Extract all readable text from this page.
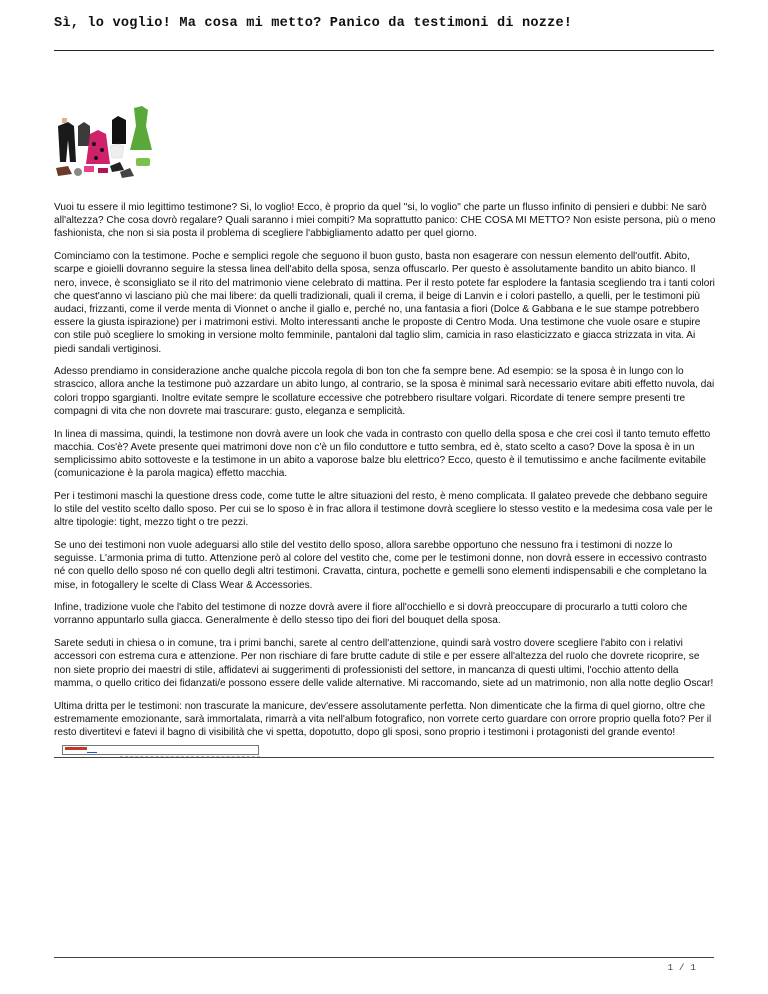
Sì, lo voglio! Ma cosa mi metto? Panico da testimoni di nozze!

Vuoi tu essere il mio legittimo testimone? Si, lo voglio! Ecco, è proprio da quel "si, lo voglio" che parte un flusso infinito di pensieri e dubbi: Ne sarò all'altezza? Che cosa dovrò regalare? Quali saranno i miei compiti? Ma soprattutto panico: CHE COSA MI METTO? Non esiste persona, più o meno fashionista, che non si sia posta il problema di scegliere l'abbigliamento adatto per quel giorno.

Cominciamo con la testimone. Poche e semplici regole che seguono il buon gusto, basta non esagerare con nessun elemento dell'outfit. Abito, scarpe e gioielli dovranno seguire la stessa linea dell'abito della sposa, senza offuscarlo. Per questo è assolutamente bandito un abito bianco. Il nero, invece, è sconsigliato se il rito del matrimonio viene celebrato di mattina. Per il resto potete far esplodere la fantasia scegliendo tra i tanti colori che quest'anno vi lasciano più che mai libere: da quelli tradizionali, quali il crema, il beige di Lanvin e i colori pastello, a quelli, per le testimoni più audaci, frizzanti, come il verde menta di Vionnet o anche il giallo e, perché no, una fantasia a fiori (Dolce & Gabbana e le sue stampe potrebbero essere la giusta ispirazione) per i matrimoni estivi. Molto interessanti anche le proposte di Centro Moda. Una testimone che vuole osare e stupire con stile può scegliere lo smoking in versione molto femminile, pantaloni dal taglio slim, camicia in raso elasticizzato e giacca strizzata in vita. Ai piedi sandali vertiginosi.

Adesso prendiamo in considerazione anche qualche piccola regola di bon ton che fa sempre bene. Ad esempio: se la sposa è in lungo con lo strascico, allora anche la testimone può azzardare un abito lungo, al contrario, se la sposa è minimal sarà necessario evitare abiti effetto nuvola, dai colori troppo sgargianti. Inoltre evitate sempre le scollature eccessive che potrebbero risultare volgari. Ricordate di tenere sempre presenti tre compagni di vita che non dovrete mai trascurare: gusto, eleganza e semplicità.

In linea di massima, quindi, la testimone non dovrà avere un look che vada in contrasto con quello della sposa e che crei così il tanto temuto effetto macchia. Cos'è? Avete presente quei matrimoni dove non c'è un filo conduttore e tutto sembra, ed è, stato scelto a caso? Dove la sposa è in un semplicissimo abito sottoveste e la testimone in un abito a vaporose balze blu elettrico? Ecco, questo è il temutissimo e anche facilmente evitabile (comunicazione è la parola magica) effetto macchia.

Per i testimoni maschi la questione dress code, come tutte le altre situazioni del resto, è meno complicata. Il galateo prevede che debbano seguire lo stile del vestito scelto dallo sposo. Per cui se lo sposo è in frac allora il testimone dovrà scegliere lo stesso vestito e la medesima cosa vale per le altre tipologie: tight, mezzo tight o tre pezzi.

Se uno dei testimoni non vuole adeguarsi allo stile del vestito dello sposo, allora sarebbe opportuno che nessuno fra i testimoni di nozze lo seguisse. L'armonia prima di tutto. Attenzione però al colore del vestito che, come per le testimoni donne, non dovrà essere in eccessivo contrasto né con quello dello sposo né con quello degli altri testimoni. Cravatta, cintura, pochette e gemelli sono elementi indispensabili e che completano la mise, in fotogallery le scelte di Class Wear & Accessories.

Infine, tradizione vuole che l'abito del testimone di nozze dovrà avere il fiore all'occhiello e si dovrà preoccupare di procurarlo a tutti coloro che vorranno appuntarlo sulla giacca. Generalmente è dello stesso tipo dei fiori del bouquet della sposa.

Sarete seduti in chiesa o in comune, tra i primi banchi, sarete al centro dell'attenzione, quindi sarà vostro dovere scegliere l'abito con i relativi accessori con estrema cura e attenzione. Per non rischiare di fare brutte cadute di stile e per essere all'altezza del ruolo che dovrete ricoprire, se non siete proprio dei maestri di stile, affidatevi ai suggerimenti di professionisti del settore, in mancanza di questi ultimi, l'occhio attento della mamma, o quello critico dei fidanzati/e possono essere delle valide alternative. Mi raccomando, siete ad un matrimonio, non alla notte deglio Oscar!

Ultima dritta per le testimoni: non trascurate la manicure, dev'essere assolutamente perfetta. Non dimenticate che la firma di quel giorno, oltre che estremamente emozionante, sarà immortalata, rimarrà a vita nell'album fotografico, non vorrete certo guardare con orrore proprio quella foto? Per il resto divertitevi e fatevi il bagno di visibilità che vi spetta, dopotutto, dopo gli sposi, sono proprio i testimoni i protagonisti del grande evento!

1 / 1
